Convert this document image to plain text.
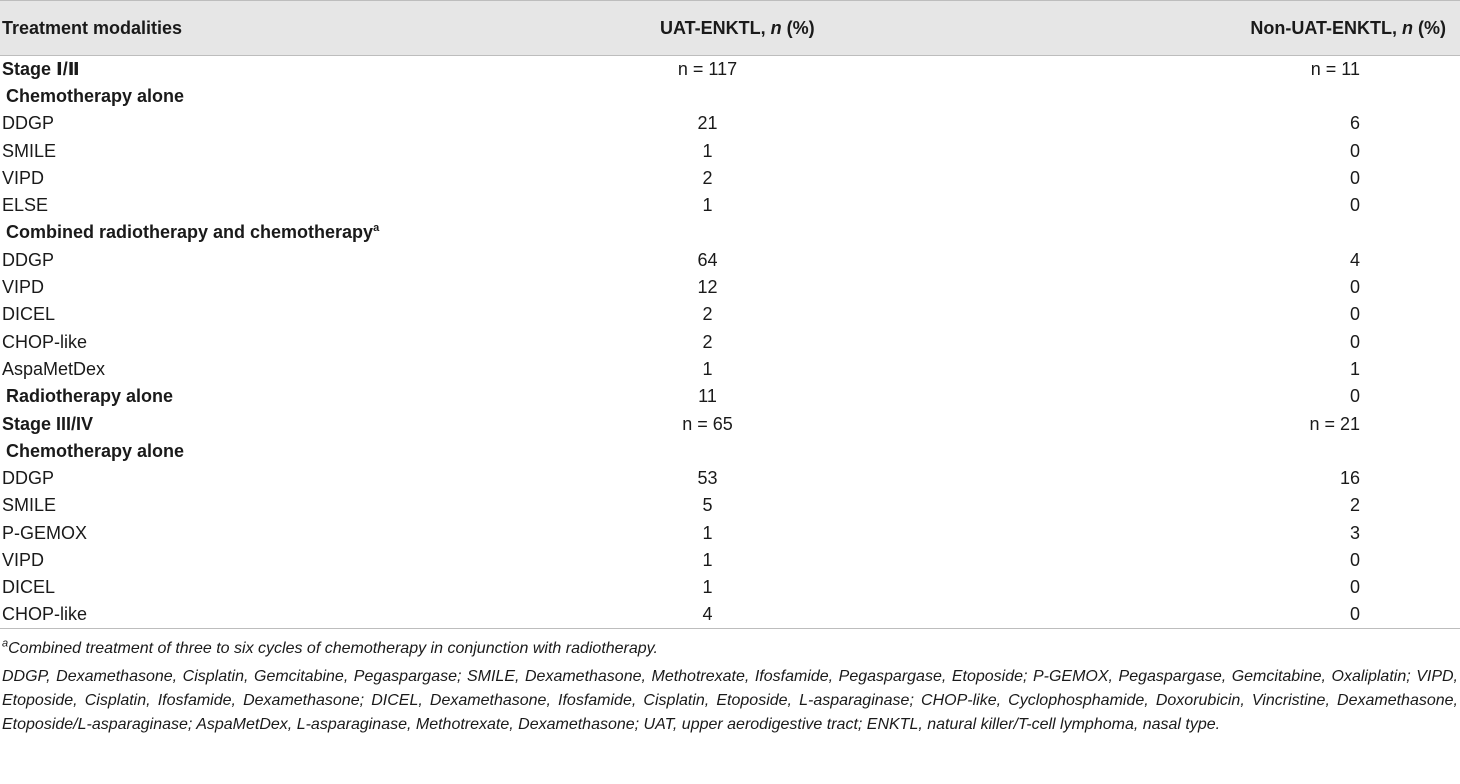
Treatment modalities	UAT-ENKTL, n (%)	Non-UAT-ENKTL, n (%)
Stage Ⅰ/Ⅱ	n = 117	n = 11
Chemotherapy alone		
DDGP	21	6
SMILE	1	0
VIPD	2	0
ELSE	1	0
Combined radiotherapy and chemotherapy$^a$		
DDGP	64	4
VIPD	12	0
DICEL	2	0
CHOP-like	2	0
AspaMetDex	1	1
Radiotherapy alone	11	0
Stage III/IV	n = 65	n = 21
Chemotherapy alone		
DDGP	53	16
SMILE	5	2
P-GEMOX	1	3
VIPD	1	0
DICEL	1	0
CHOP-like	4	0

$^a$Combined treatment of three to six cycles of chemotherapy in conjunction with radiotherapy.

DDGP, Dexamethasone, Cisplatin, Gemcitabine, Pegaspargase; SMILE, Dexamethasone, Methotrexate, Ifosfamide, Pegaspargase, Etoposide; P-GEMOX, Pegaspargase, Gemcitabine, Oxaliplatin; VIPD, Etoposide, Cisplatin, Ifosfamide, Dexamethasone; DICEL, Dexamethasone, Ifosfamide, Cisplatin, Etoposide, L-asparaginase; CHOP-like, Cyclophosphamide, Doxorubicin, Vincristine, Dexamethasone, Etoposide/L-asparaginase; AspaMetDex, L-asparaginase, Methotrexate, Dexamethasone; UAT, upper aerodigestive tract; ENKTL, natural killer/T-cell lymphoma, nasal type.
